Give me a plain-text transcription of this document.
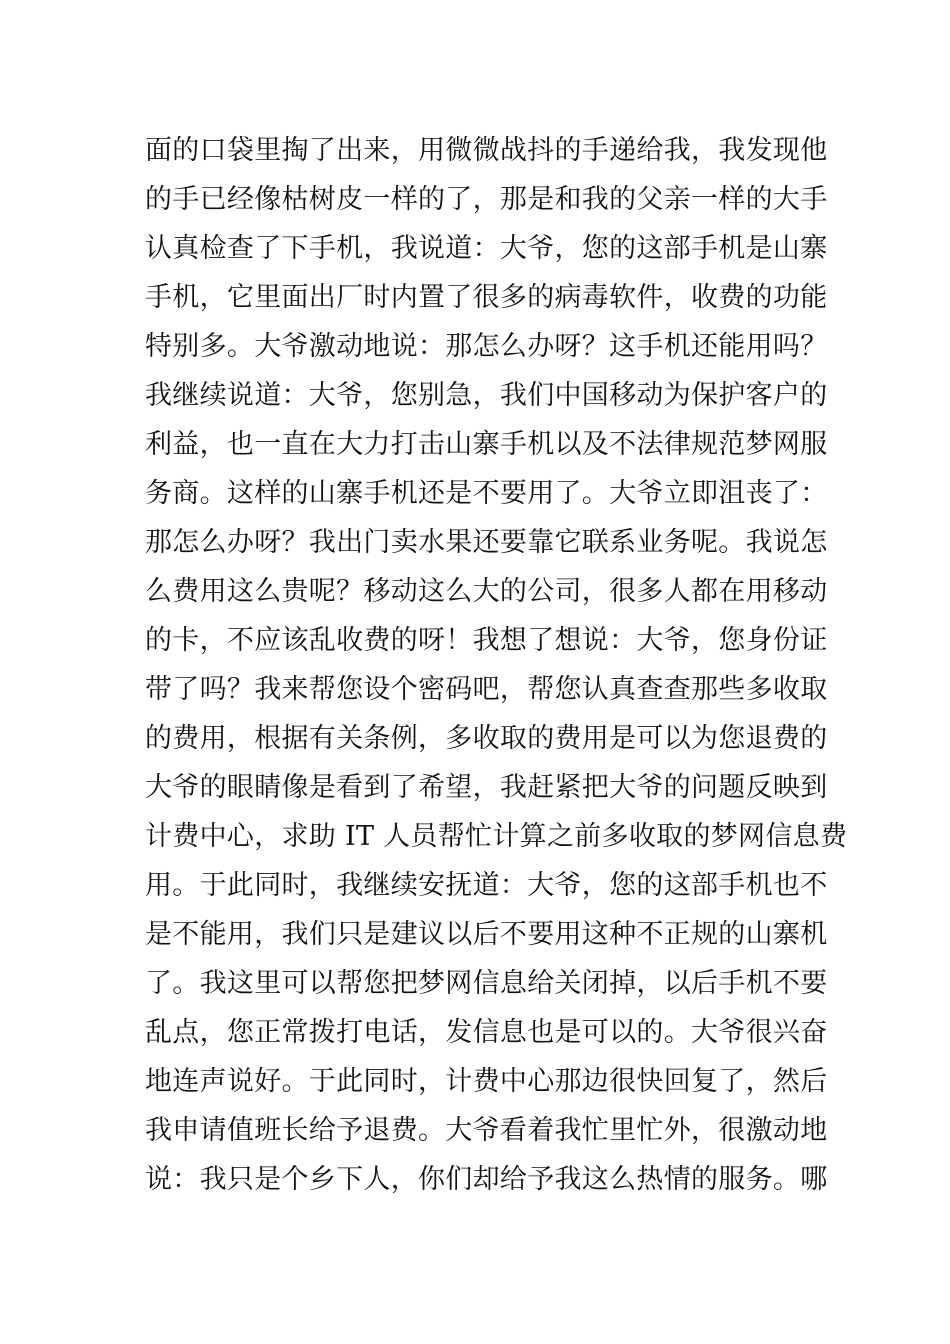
面的口袋里掏了出来，用微微战抖的手递给我，我发现他
的手已经像枯树皮一样的了，那是和我的父亲一样的大手
认真检查了下手机，我说道：大爷，您的这部手机是山寨
手机，它里面出厂时内置了很多的病毒软件，收费的功能
特别多。大爷激动地说：那怎么办呀？这手机还能用吗？
我继续说道：大爷，您别急，我们中国移动为保护客户的
利益，也一直在大力打击山寨手机以及不法律规范梦网服
务商。这样的山寨手机还是不要用了。大爷立即沮丧了：
那怎么办呀？我出门卖水果还要靠它联系业务呢。我说怎
么费用这么贵呢？移动这么大的公司，很多人都在用移动
的卡，不应该乱收费的呀！我想了想说：大爷，您身份证
带了吗？我来帮您设个密码吧，帮您认真查查那些多收取
的费用，根据有关条例，多收取的费用是可以为您退费的
大爷的眼睛像是看到了希望，我赶紧把大爷的问题反映到
计费中心，求助 IT 人员帮忙计算之前多收取的梦网信息费
用。于此同时，我继续安抚道：大爷，您的这部手机也不
是不能用，我们只是建议以后不要用这种不正规的山寨机
了。我这里可以帮您把梦网信息给关闭掉，以后手机不要
乱点，您正常拨打电话，发信息也是可以的。大爷很兴奋
地连声说好。于此同时，计费中心那边很快回复了，然后
我申请值班长给予退费。大爷看着我忙里忙外，很激动地
说：我只是个乡下人，你们却给予我这么热情的服务。哪
